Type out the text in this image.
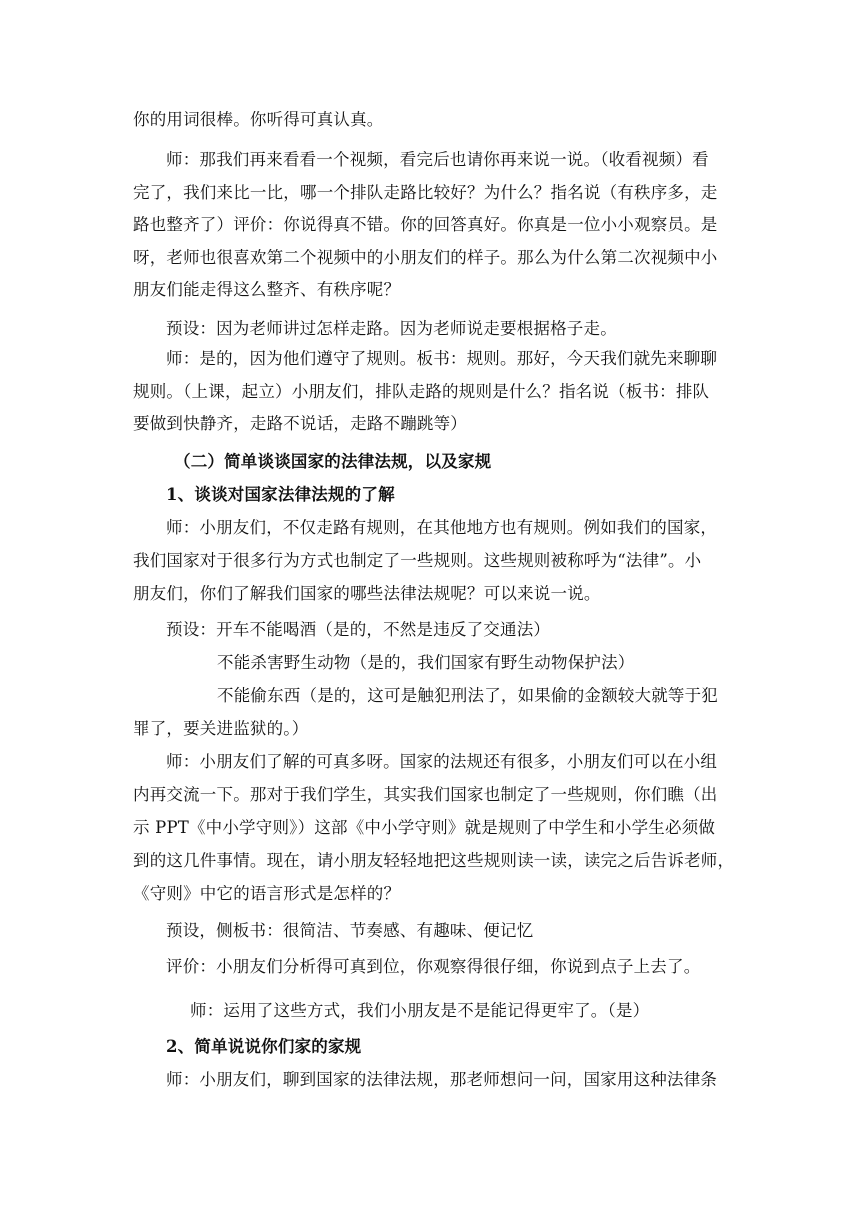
你的用词很棒。你听得可真认真。
师：那我们再来看看一个视频，看完后也请你再来说一说。（收看视频）看
完了，我们来比一比，哪一个排队走路比较好？为什么？指名说（有秩序多，走
路也整齐了）评价：你说得真不错。你的回答真好。你真是一位小小观察员。是
呀，老师也很喜欢第二个视频中的小朋友们的样子。那么为什么第二次视频中小
朋友们能走得这么整齐、有秩序呢？
预设：因为老师讲过怎样走路。因为老师说走要根据格子走。
师：是的，因为他们遵守了规则。板书：规则。那好，今天我们就先来聊聊
规则。（上课，起立）小朋友们，排队走路的规则是什么？指名说（板书：排队
要做到快静齐，走路不说话，走路不蹦跳等）
（二）简单谈谈国家的法律法规，以及家规
1、谈谈对国家法律法规的了解
师：小朋友们，不仅走路有规则，在其他地方也有规则。例如我们的国家，
我们国家对于很多行为方式也制定了一些规则。这些规则被称呼为“法律”。小
朋友们，你们了解我们国家的哪些法律法规呢？可以来说一说。
预设：开车不能喝酒（是的，不然是违反了交通法）
不能杀害野生动物（是的，我们国家有野生动物保护法）
不能偷东西（是的，这可是触犯刑法了，如果偷的金额较大就等于犯
罪了，要关进监狱的。）
师：小朋友们了解的可真多呀。国家的法规还有很多，小朋友们可以在小组
内再交流一下。那对于我们学生，其实我们国家也制定了一些规则，你们瞧（出
示 PPT《中小学守则》）这部《中小学守则》就是规则了中学生和小学生必须做
到的这几件事情。现在，请小朋友轻轻地把这些规则读一读，读完之后告诉老师，
《守则》中它的语言形式是怎样的？
预设，侧板书：很简洁、节奏感、有趣味、便记忆
评价：小朋友们分析得可真到位，你观察得很仔细，你说到点子上去了。
师：运用了这些方式，我们小朋友是不是能记得更牢了。（是）
2、简单说说你们家的家规
师：小朋友们，聊到国家的法律法规，那老师想问一问，国家用这种法律条
